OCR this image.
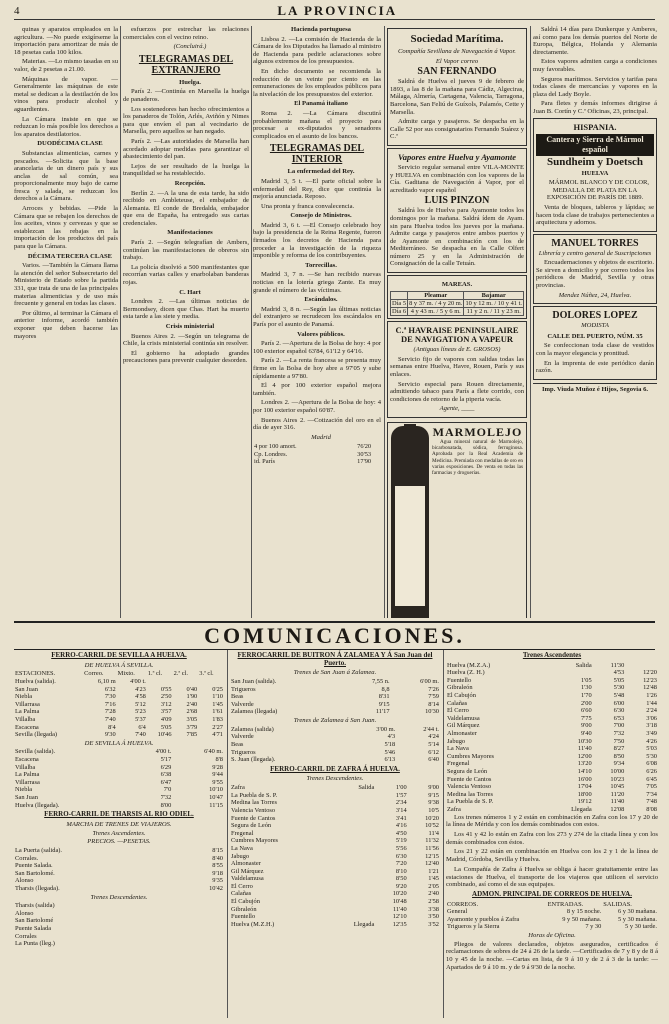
4	LA PROVINCIA

quinas y aparatos empleados en la agricultura. —No puede exigírseme la importación para amortizar de más de 18 pesetas cada 100 kilos.

Materias. —Lo mismo tasadas en su valor, de 2 pesetas a 21.00.

Máquinas de vapor. —Generalmente las máquinas de este metal se dedican a la destilación de los vinos para producir alcohol y aguardientes.

La Cámara insiste en que se reduzcan lo más posible los derechos a los aparatos destilatorios.

DUODÉCIMA CLASE

Substancias alimenticias, carnes y pescados. —Solicita que la base arancelaria de un dinero país y sus anclas de sal común, sea proporcionalmente muy bajo de carne fresca y salada, se reduzcan los derechos a la Cámara.

Arroces y bebidas. —Pide la Cámara que se rebajen los derechos de los aceites, vinos y cervezas y que se establezcan las rebajas en la importación de los productos del país para que la Cámara.

DÉCIMA TERCERA CLASE

Varios. —También la Cámara llama la atención del señor Subsecretario del Ministerio de Estado sobre la partida 331, que trata de una de las principales materias alimenticias y de uso más frecuente y general en todas las clases.

Por último, al terminar la Cámara el anterior informe, acordó también exponer que deben hacerse las mayores

esfuerzos por estrechar las relaciones comerciales con el vecino reino.

(Concluirá.)

TELEGRAMAS DEL EXTRANJERO

Huelga.

París 2. —Continúa en Marsella la huelga de panaderos.

Los sostenedores han hecho ofrecimientos a los panaderos de Tolón, Arlés, Aviñón y Nimes para que envíen el pan al vecindario de Marsella, pero aquellos se han negado.

París 2. —Las autoridades de Marsella han acordado adoptar medidas para garantizar el abastecimiento del pan.

Lejos de ser resultado de la huelga la tranquilidad se ha restablecido.

Recepción.

Berlín 2. —A la una de esta tarde, ha sido recibido en Ambleteuse, el embajador de Alemania. El conde de Bredalda, embajador que era de España, ha entregado sus cartas credenciales.

Manifestaciones

París 2. —Según telegrafían de Ambers, continúan las manifestaciones de obreros sin trabajo.

La policía disolvió a 500 manifestantes que recorrían varias calles y enarbolaban banderas rojas.

C. Hart

Londres 2. —Las últimas noticias de Bermondsey, dicen que Chas. Hart ha muerto esta tarde a las siete y media.

Crisis ministerial

Buenos Aires 2. —Según un telegrama de Chile, la crisis ministerial continúa sin resolver.

El gobierno ha adoptado grandes precauciones para prevenir cualquier desorden.

Hacienda portuguesa

Lisboa 2. —La comisión de Hacienda de la Cámara de los Diputados ha llamado al ministro de Hacienda para pedirle aclaraciones sobre algunos extremos de los presupuestos.

En dicho documento se recomienda la reducción de un veinte por ciento en las remuneraciones de los empleados públicos para la nivelación de los presupuestos del exterior.

El Panamá italiano

Roma 2. —La Cámara discutirá probablemente mañana el proyecto para procesar a ex-diputados y senadores complicados en el asunto de los bancos.

TELEGRAMAS DEL INTERIOR

La enfermedad del Rey.

Madrid 3, 5 t. —El parte oficial sobre la enfermedad del Rey, dice que continúa la mejoría anunciada. Reposo.

Una pronta y franca convalecencia.

Consejo de Ministros.

Madrid 3, 6 t. —El Consejo celebrado hoy bajo la presidencia de la Reina Regente, fueron firmados los decretos de Hacienda para proceder a la investigación de la riqueza imponible y reforma de los contribuyentes.

Torrecillas.

Madrid 3, 7 n. —Se han recibido nuevas noticias en la lotería griega Zante. Es muy grande el número de las víctimas.

Escándalos.

Madrid 3, 8 n. —Según las últimas noticias del extranjero se recrudecen los escándalos en París por el asunto de Panamá.

Valores públicos.

París 2. —Apertura de la Bolsa de hoy: 4 por 100 exterior español 63'84, 61'12 y 64'16.

París 2. —La renta francesa se presenta muy firme en la Bolsa de hoy abre a 97'05 y sube rápidamente a 97'80.

El 4 por 100 exterior español mejora también.

Londres 2. —Apertura de la Bolsa de hoy: 4 por 100 exterior español 60'87.

Buenos Aires 2. —Cotización del oro en el día de ayer 316.

Madrid

4 por 100 amort.	76'20
Cp. Londres.	30'53
id. París	17'90
Sociedad Marítima.
Compañía Sevillana de Navegación á Vapor.
El Vapor correo
SAN FERNANDO

Saldrá de Huelva el jueves 9 de febrero de 1893, a las 8 de la mañana para Cádiz, Algeciras, Málaga, Almería, Cartagena, Valencia, Tarragona, Barcelona, San Feliú de Guíxols, Palamós, Cette y Marsella.

Admite carga y pasajeros. Se despacha en la Calle 52 por sus consignatarios Fernando Suárez y C.ª

Vapores entre Huelva y Ayamonte

Servicio regular semanal entre VILA-MONTE y HUELVA en combinación con los vapores de la Cía. Gaditana de Navegación á Vapor, por el acreditado vapor español

LUIS PINZON

Saldrá los de Huelva para Ayamonte todos los domingos por la mañana. Saldrá ídem de Ayam. sin para Huelva todos los jueves por la mañana. Admite carga y pasajeros entre ambos puertos y de Ayamonte en combinación con los de Mediterráneo. Se despacha en la Calle Olfert número 25 y en la Administración de Consignación de la calle Tetuán.

MAREAS.
	Pleamar	Bajamar
Día 5	8 y 37 m. / 4 y 20 m.	10 y 12 m. / 10 y 41 t.
Día 6	4 y 43 m. / 5 y 6 m.	11 y 2 n. / 11 y 23 m.
C.ª HAVRAISE PENINSULAIRE DE NAVIGATION A VAPEUR
(Antiguas líneas de E. GROSOS)

Servicio fijo de vapores con salidas todas las semanas entre Huelva, Havre, Rouen, París y sus enlaces.

Servicio especial para Rouen directamente, admitiendo tabaco para París a flete corrido, con condiciones de retorno de la piperia vacía.

Agente, ____
MARMOLEJO

Agua mineral natural de Marmolejo, bicarbonatada, sódica, ferruginosa. Aprobada por la Real Academia de Medicina. Premiada con medallas de oro en varias exposiciones. De venta en todas las farmacias y droguerías.

Saldrá 14 días para Dunkerque y Amberes, así como para los demás puertos del Norte de Europa, Bélgica, Holanda y Alemania directamente.

Estos vapores admiten carga a condiciones muy favorables.

Seguros marítimos. Servicios y tarifas para todas clases de mercancías y vapores en la plaza del Lady Boyle.

Para fletes y demás informes dirigirse á Juan B. Cortín y C.ª Oficinas, 23, principal.

HISPANIA.
Cantera y Sierra de Mármol español
Sundheim y Doetsch
HUELVA

MÁRMOL BLANCO Y DE COLOR, MEDALLA DE PLATA EN LA EXPOSICIÓN DE PARÍS DE 1889.

Venta de bloques, tableros y lápidas; se hacen toda clase de trabajos pertenecientes a arquitectura y adornos.

MANUEL TORRES
Librería y centro general de Suscripciones

Encuadernaciones y objetos de escritorio. Se sirven a domicilio y por correo todos los periódicos de Madrid, Sevilla y otras provincias.

Mendez Núñez, 24, Huelva.
DOLORES LOPEZ
MODISTA
CALLE DEL PUERTO, NÚM. 35

Se confeccionan toda clase de vestidos con la mayor elegancia y prontitud.

En la imprenta de este periódico darán razón.

Imp. Viuda Muñoz é Hijos, Segovia 6.
COMUNICACIONES.
FERRO-CARRIL DE SEVILLA A HUELVA.
DE HUELVA Á SEVILLA.
ESTACIONES.	Correo.	Mixto.	1.ª cl.	2.ª cl.	3.ª cl.
Huelva (salida).	6,10 m	4'00 t.			
San Juan	6'32	4'23	0'55	0'40	0'25
Niebla	7'30	4'58	2'50	1'90	1'10
Villarrasa	7'16	5'12	3'12	2'40	1'45
La Palma	7'28	5'23	3'57	2'68	1'61
Villalba	7'40	5'37	4'09	3'05	1'83
Escacena	8'4	6'4	5'05	3'79	2'27
Sevilla (llegada)	9'30	7'40	10'46	7'85	4'71
DE SEVILLA Á HUELVA.
Sevilla (salida).	4'00 t.	6'40 m.
Escacena	5'17	8'8
Villalba	6'29	9'28
La Palma	6'38	9'44
Villarrasa	6'47	9'55
Niebla	7'0	10'10
San Juan	7'32	10'47
Huelva (llegada).	8'00	11'15
FERRO-CARRIL DE THARSIS AL RIO ODIEL.
MARCHA DE TRENES DE VIAJEROS.
Trenes Ascendentes.
PRECIOS. —PESETAS.
La Puerta (salida).	8'15
Corrales.	8'40
Puente Salada.	8'55
San Bartolomé.	9'18
Alonso	9'35
Tharsis (llegada).	10'42
Trenes Descendentes.
Tharsis (salida)
Alonso
San Bartolomé
Puente Salada
Corrales
La Punta (lleg.)
FERROCARRIL DE BUITRON Á ZALAMEA Y Á San Juan del Puerto.
Trenes de San Juan á Zalamea.
San Juan (salida).	7,55 n.	6'00 m.
Trigueros	8,8	7'26
Beas	8'31	7'59
Valverde	9'15	8'14
Zalamea (llegada)	11'17	10'30
Trenes de Zalamea á San Juan.
Zalamea (salida)	3'00 m.	2'44 t.
Valverde	4'3	4'24
Beas	5'18	5'14
Trigueros	5'46	6'12
S. Juan (llegada).	6'13	6'40
FERRO-CARRIL DE ZAFRA Á HUELVA.
Trenes Descendentes.
Zafra	Salida	1'00	9'00
La Puebla de S. P.		1'57	9'15
Medina las Torres		2'34	9'38
Valencia Ventoso		3'14	10'5
Fuente de Cantos		3'41	10'20
Segura de León		4'16	10'52
Fregenal		4'50	11'4
Cumbres Mayores		5'19	11'32
La Nava		5'56	11'56
Jabugo		6'30	12'15
Almonaster		7'20	12'40
Gil Márquez		8'10	1'21
Valdelamusa		8'50	1'45
El Cerro		9'20	2'05
Calañas		10'20	2'40
El Cabujón		10'48	2'58
Gibraleón		11'40	3'38
Fuentello		12'10	3'50
Huelva (M.Z.H.)	Llegada	12'35	3'52
Trenes Ascendentes
Huelva (M.Z.A.)	Salida	11'30	
Huelva (Z. H.)		4'53	12'20
Fuentello	1'05	5'05	12'23
Gibraleón	1'30	5'30	12'48
El Cabujón	1'70	5'48	1'26
Calañas	2'00	6'00	1'44
El Cerro	6'60	6'30	2'24
Valdelamusa	7'75	6'53	3'06
Gil Márquez	9'00	7'00	3'18
Almonaster	9'40	7'32	3'49
Jabugo	10'30	7'50	4'26
La Nava	11'40	8'27	5'03
Cumbres Mayores	12'00	8'50	5'30
Fregenal	13'20	9'34	6'08
Segura de León	14'10	10'00	6'26
Fuente de Cantos	16'00	10'23	6'45
Valencia Ventoso	17'04	10'45	7'05
Medina las Torres	18'00	11'20	7'34
La Puebla de S. P.	19'12	11'40	7'48
Zafra	Llegada	12'08	8'08

Los trenes números 1 y 2 están en combinación en Zafra con los 17 y 20 de la línea de Mérida y con los demás combinados con estos.

Los 41 y 42 lo están en Zafra con los 273 y 274 de la citada línea y con los demás combinados con éstos.

Los 21 y 22 están en combinación en Huelva con los 2 y 1 de la línea de Madrid, Córdoba, Sevilla y Huelva.

La Compañía de Zafra á Huelva se obliga á hacer gratuitamente entre las estaciones de Huelva, el transporte de los viajeros que utilicen el servicio combinado, así como el de sus equipajes.

ADMON. PRINCIPAL DE CORREOS DE HUELVA.
CORREOS.	ENTRADAS.	SALIDAS.
General	8 y 15 noche.	6 y 30 mañana.
Ayamonte y pueblos á Zafra	9 y 50 mañana.	5 y 30 mañana.
Trigueros y la Sierra	7 y 30	5 y 30 tarde.
Horas de Oficina.

Pliegos de valores declarados, objetos asegurados, certificados é reclamaciones de sobres de 24 á 26 de la tarde. —Certificados de 7 y 8 y de 8 á 10 y 45 de la noche. —Cartas en lista, de 9 á 10 y de 2 á 3 de la tarde: —Apartados de 9 á 10 m. y de 9 á 9'30 de la noche.
